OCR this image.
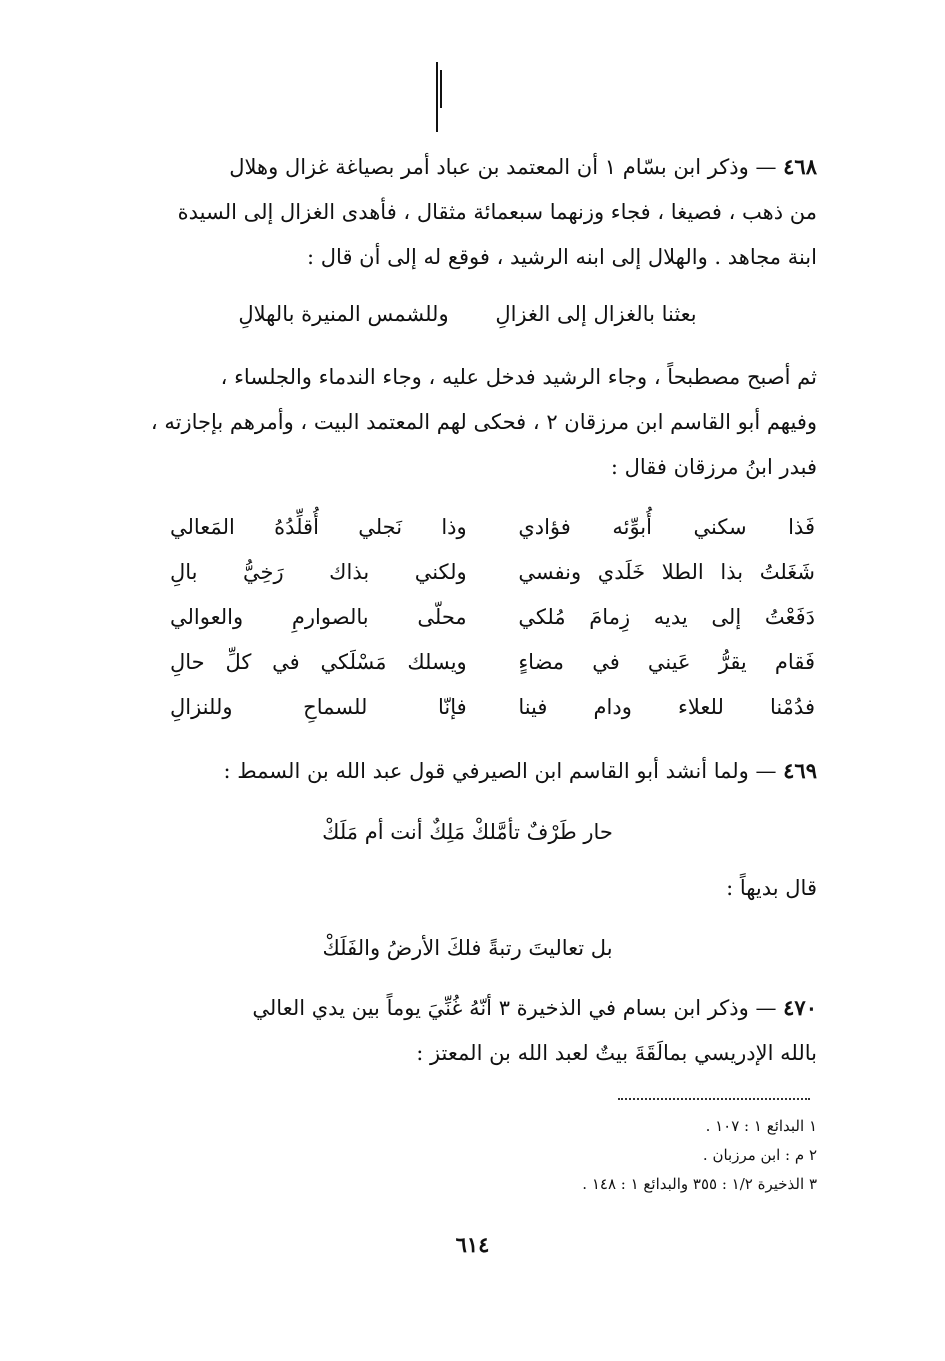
٤٦٨ — وذكر ابن بسّام ١ أن المعتمد بن عباد أمر بصياغة غزال وهلال
من ذهب ، فصيغا ، فجاء وزنهما سبعمائة مثقال ، فأهدى الغزال إلى السيدة
ابنة مجاهد . والهلال إلى ابنه الرشيد ، فوقع له إلى أن قال :
بعثنا بالغزال إلى الغزالِ       وللشمس المنيرة بالهلالِ
ثم أصبح مصطبحاً ، وجاء الرشيد فدخل عليه ، وجاء الندماء والجلساء ،
وفيهم أبو القاسم ابن مرزقان ٢ ، فحكى لهم المعتمد البيت ، وأمرهم بإجازته ،
فبدر ابنُ مرزقان فقال :
فَذا سكني أُبوِّئه فؤادي
وذا نَجلي أُقلِّدُهُ المَعالي
شَغَلتُ بذا الطلا خَلَدي ونفسي
ولكني بذاك رَخِيُّ بالِ
دَفَعْتُ إلى يديه زِمامَ مُلكي
محلّى بالصوارمِ والعوالي
فَقام يقرُّ عَيني في مضاءٍ
ويسلك مَسْلَكي في كلِّ حالِ
فدُمْنا للعلاء ودام فينا
فإنّا للسماحِ وللنزالِ
٤٦٩ — ولما أنشد أبو القاسم ابن الصيرفي قول عبد الله بن السمط :
حار طَرْفٌ تأمَّلكْ مَلِكٌ أنت أم مَلَكْ
قال بديهاً :
بل تعاليتَ رتبةً فلكَ الأرضُ والفَلَكْ
٤٧٠ — وذكر ابن بسام في الذخيرة ٣ أنّهُ غُنِّيَ يوماً بين يدي العالي
بالله الإدريسي بمالَقَةَ بيتٌ لعبد الله بن المعتز :
١ البدائع ١ : ١٠٧ .
٢ م : ابن مرزبان .
٣ الذخيرة ١/٢ : ٣٥٥ والبدائع ١ : ١٤٨ .
٦١٤
